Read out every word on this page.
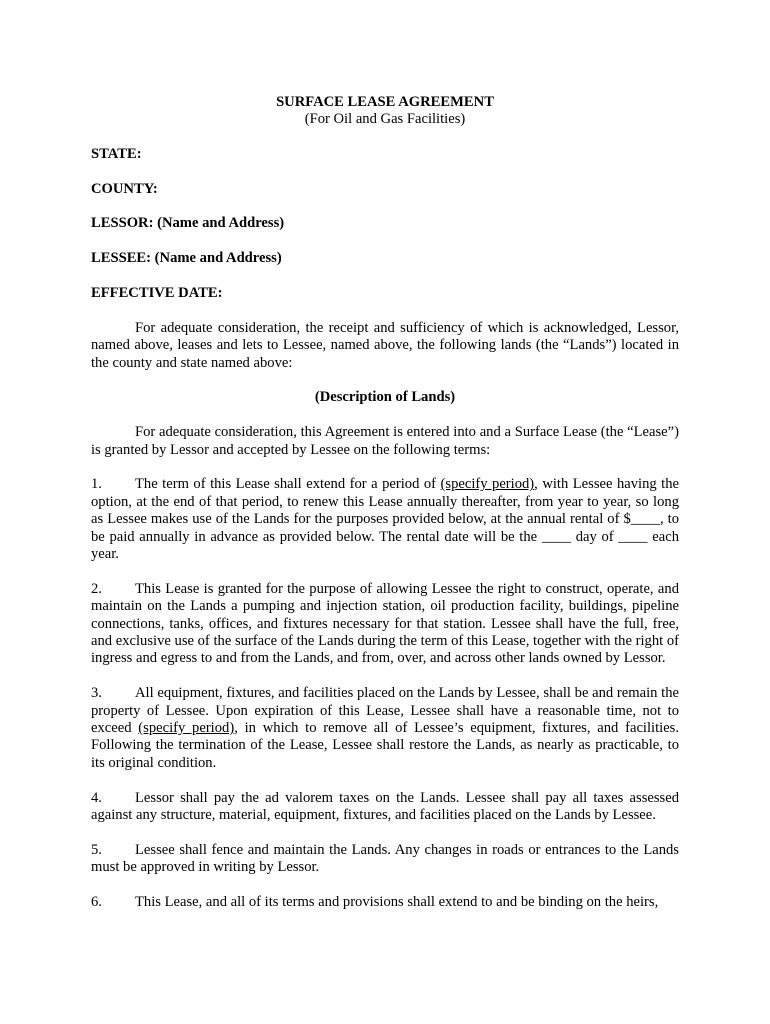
SURFACE LEASE AGREEMENT
(For Oil and Gas Facilities)
STATE:
COUNTY:
LESSOR: (Name and Address)
LESSEE: (Name and Address)
EFFECTIVE DATE:

For adequate consideration, the receipt and sufficiency of which is acknowledged, Lessor, named above, leases and lets to Lessee, named above, the following lands (the “Lands”) located in the county and state named above:

(Description of Lands)

For adequate consideration, this Agreement is entered into and a Surface Lease (the “Lease”) is granted by Lessor and accepted by Lessee on the following terms:

1. The term of this Lease shall extend for a period of (specify period), with Lessee having the option, at the end of that period, to renew this Lease annually thereafter, from year to year, so long as Lessee makes use of the Lands for the purposes provided below, at the annual rental of $____, to be paid annually in advance as provided below. The rental date will be the ____ day of ____ each year.

2. This Lease is granted for the purpose of allowing Lessee the right to construct, operate, and maintain on the Lands a pumping and injection station, oil production facility, buildings, pipeline connections, tanks, offices, and fixtures necessary for that station. Lessee shall have the full, free, and exclusive use of the surface of the Lands during the term of this Lease, together with the right of ingress and egress to and from the Lands, and from, over, and across other lands owned by Lessor.

3. All equipment, fixtures, and facilities placed on the Lands by Lessee, shall be and remain the property of Lessee. Upon expiration of this Lease, Lessee shall have a reasonable time, not to exceed (specify period), in which to remove all of Lessee’s equipment, fixtures, and facilities. Following the termination of the Lease, Lessee shall restore the Lands, as nearly as practicable, to its original condition.

4. Lessor shall pay the ad valorem taxes on the Lands. Lessee shall pay all taxes assessed against any structure, material, equipment, fixtures, and facilities placed on the Lands by Lessee.

5. Lessee shall fence and maintain the Lands. Any changes in roads or entrances to the Lands must be approved in writing by Lessor.

6. This Lease, and all of its terms and provisions shall extend to and be binding on the heirs,
